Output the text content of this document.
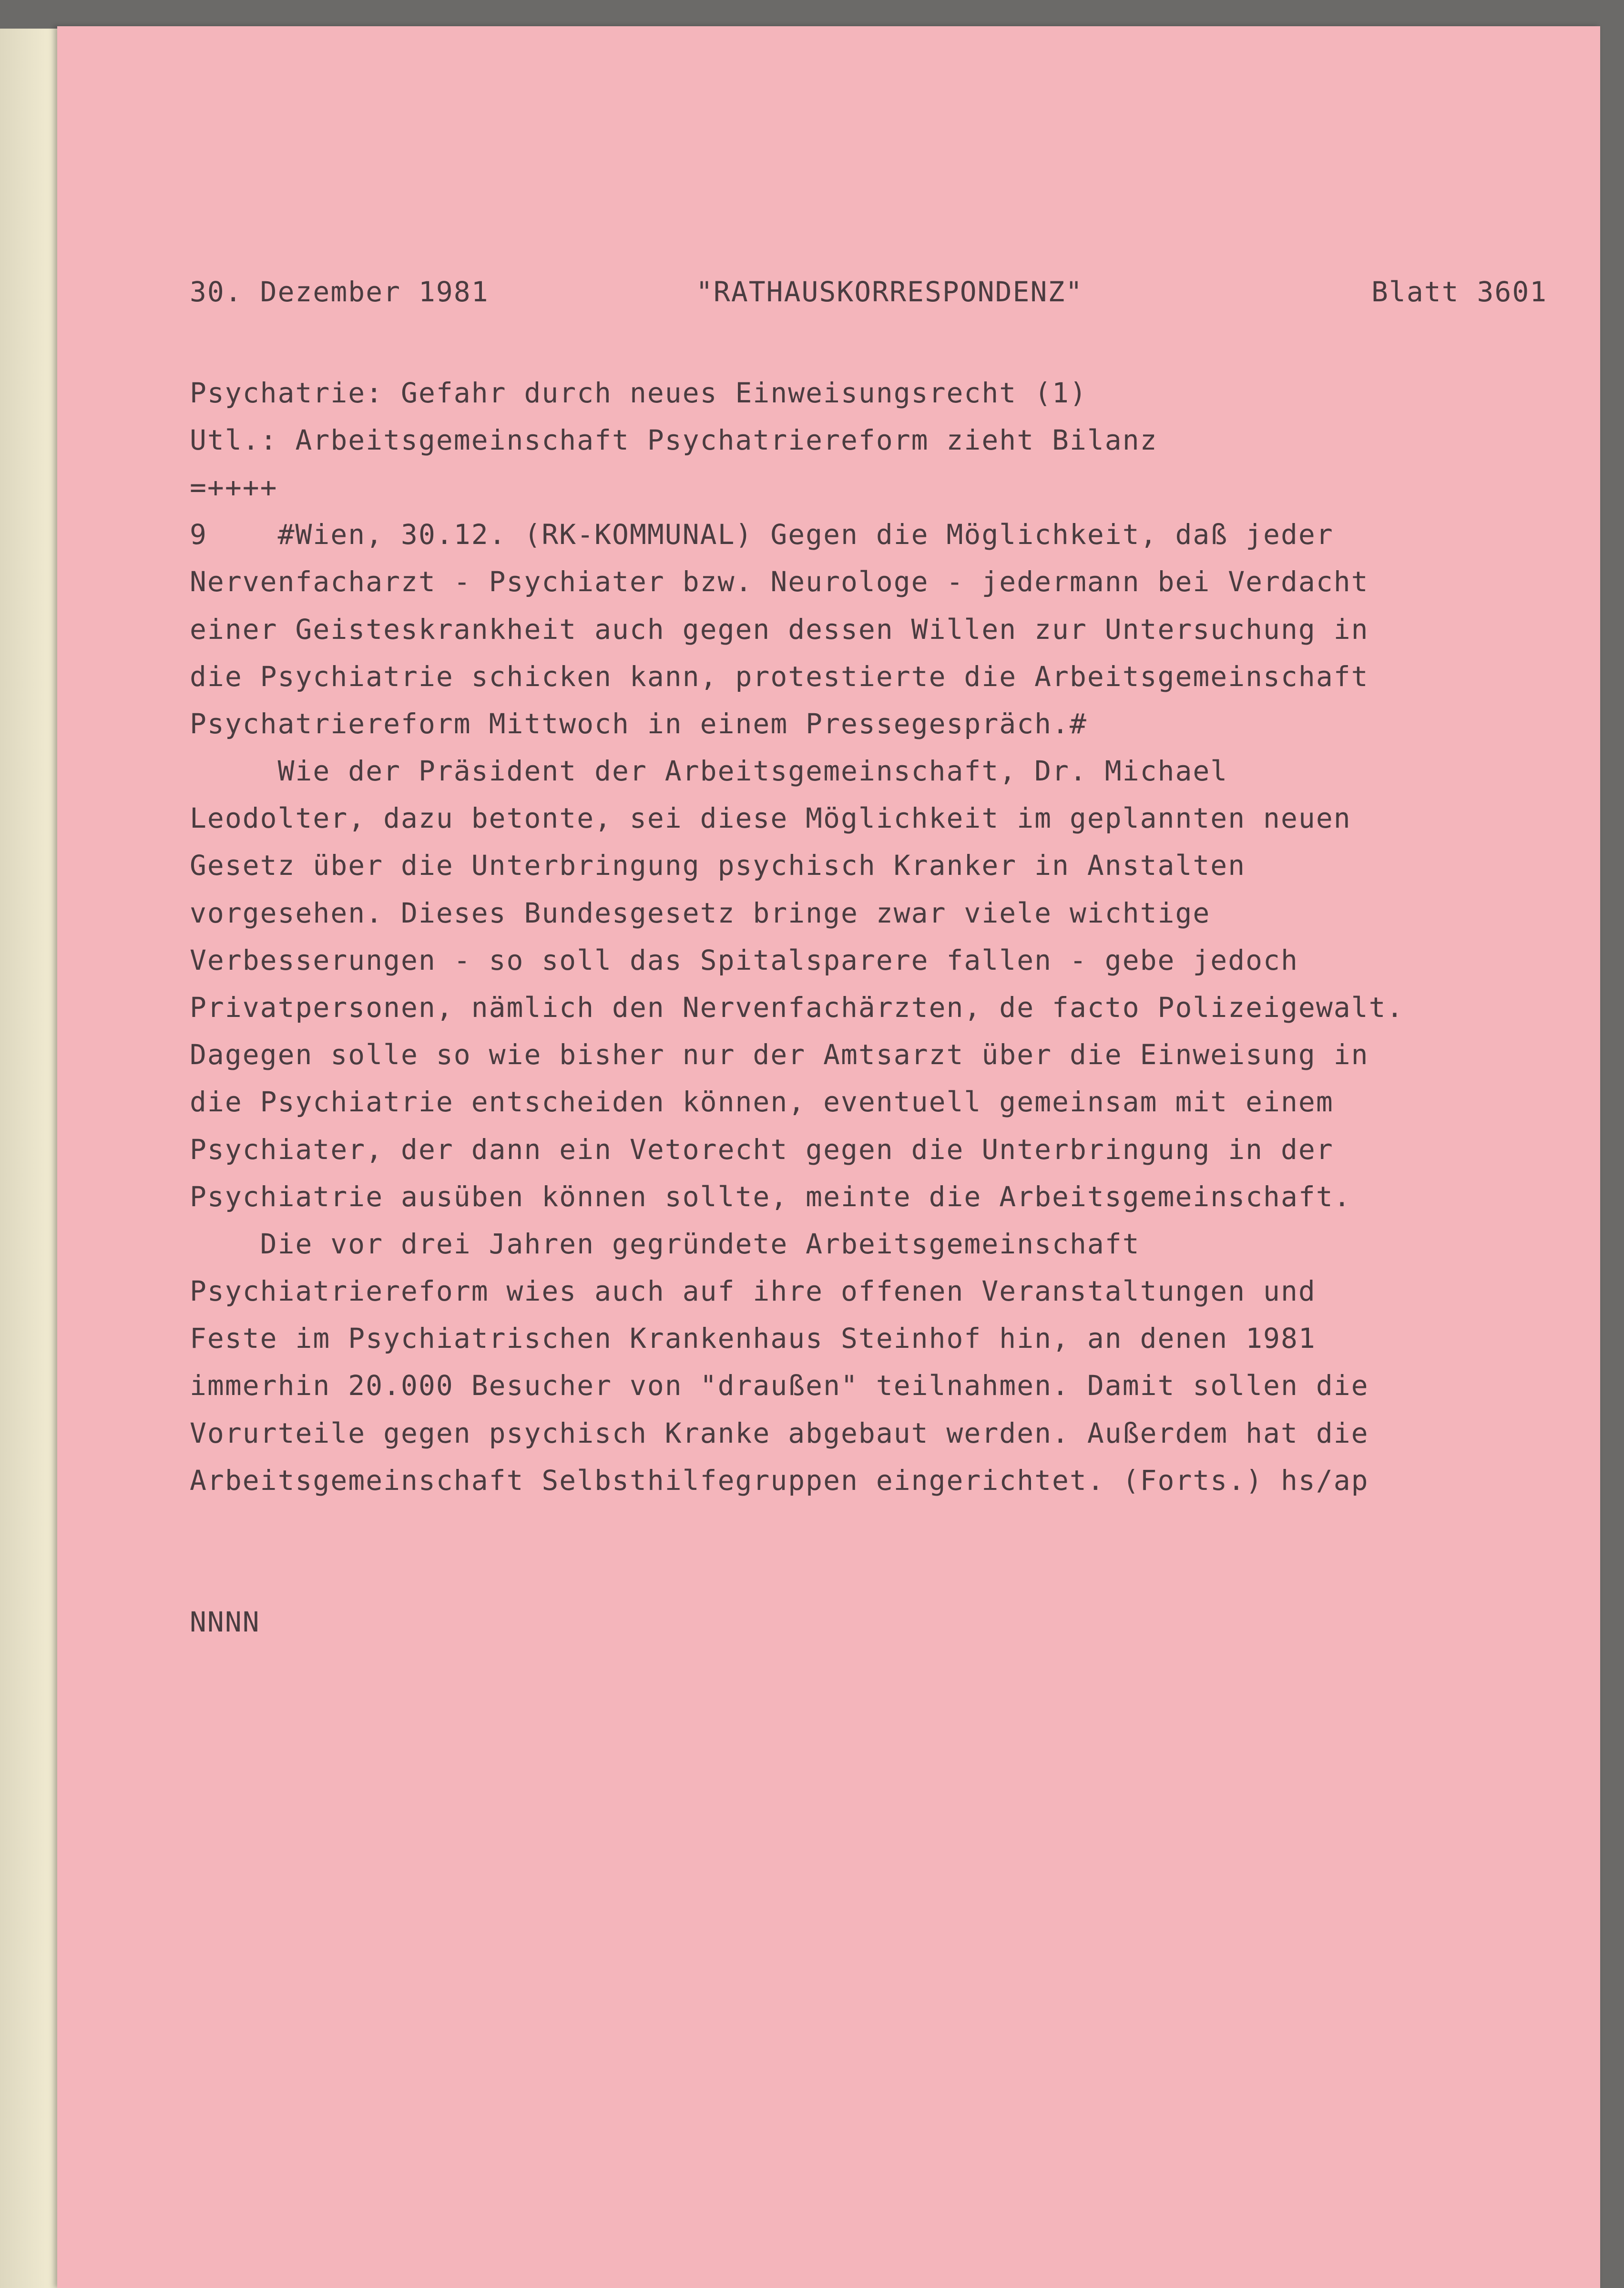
30. Dezember 1981	"RATHAUSKORRESPONDENZ"	Blatt 3601
Psychatrie: Gefahr durch neues Einweisungsrecht (1)
Utl.: Arbeitsgemeinschaft Psychatriereform zieht Bilanz
=++++
9    #Wien, 30.12. (RK-KOMMUNAL) Gegen die Möglichkeit, daß jeder
Nervenfacharzt - Psychiater bzw. Neurologe - jedermann bei Verdacht
einer Geisteskrankheit auch gegen dessen Willen zur Untersuchung in
die Psychiatrie schicken kann, protestierte die Arbeitsgemeinschaft
Psychatriereform Mittwoch in einem Pressegespräch.#
Wie der Präsident der Arbeitsgemeinschaft, Dr. Michael
Leodolter, dazu betonte, sei diese Möglichkeit im geplannten neuen
Gesetz über die Unterbringung psychisch Kranker in Anstalten
vorgesehen. Dieses Bundesgesetz bringe zwar viele wichtige
Verbesserungen - so soll das Spitalsparere fallen - gebe jedoch
Privatpersonen, nämlich den Nervenfachärzten, de facto Polizeigewalt.
Dagegen solle so wie bisher nur der Amtsarzt über die Einweisung in
die Psychiatrie entscheiden können, eventuell gemeinsam mit einem
Psychiater, der dann ein Vetorecht gegen die Unterbringung in der
Psychiatrie ausüben können sollte, meinte die Arbeitsgemeinschaft.
Die vor drei Jahren gegründete Arbeitsgemeinschaft
Psychiatriereform wies auch auf ihre offenen Veranstaltungen und
Feste im Psychiatrischen Krankenhaus Steinhof hin, an denen 1981
immerhin 20.000 Besucher von "draußen" teilnahmen. Damit sollen die
Vorurteile gegen psychisch Kranke abgebaut werden. Außerdem hat die
Arbeitsgemeinschaft Selbsthilfegruppen eingerichtet. (Forts.) hs/ap
NNNN
